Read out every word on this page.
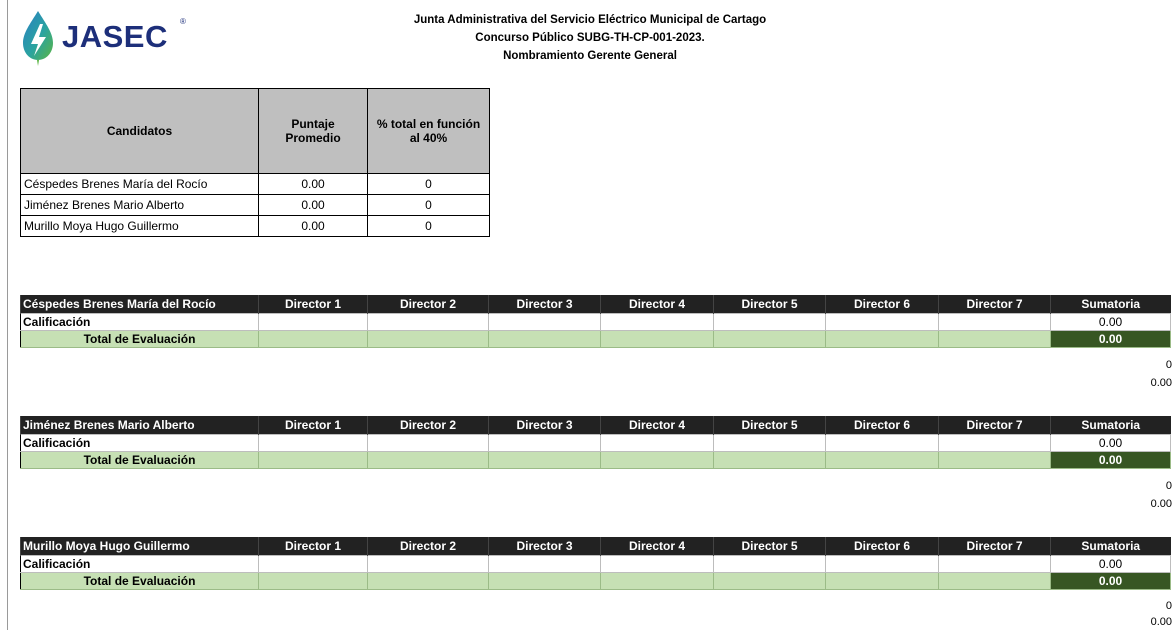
JASEC ®	Junta Administrativa del Servicio Eléctrico Municipal de Cartago
Concurso Público SUBG-TH-CP-001-2023.
Nombramiento Gerente General
Candidatos	Puntaje Promedio	% total en función al 40%
Céspedes Brenes María del Rocío	0.00	0
Jiménez Brenes Mario Alberto	0.00	0
Murillo Moya Hugo Guillermo	0.00	0
Céspedes Brenes María del Rocío	Director 1	Director 2	Director 3	Director 4	Director 5	Director 6	Director 7	Sumatoria
Calificación								0.00
Total de Evaluación								0.00
0
0.00
Jiménez Brenes Mario Alberto	Director 1	Director 2	Director 3	Director 4	Director 5	Director 6	Director 7	Sumatoria
Calificación								0.00
Total de Evaluación								0.00
0
0.00
Murillo Moya Hugo Guillermo	Director 1	Director 2	Director 3	Director 4	Director 5	Director 6	Director 7	Sumatoria
Calificación								0.00
Total de Evaluación								0.00
0
0.00
